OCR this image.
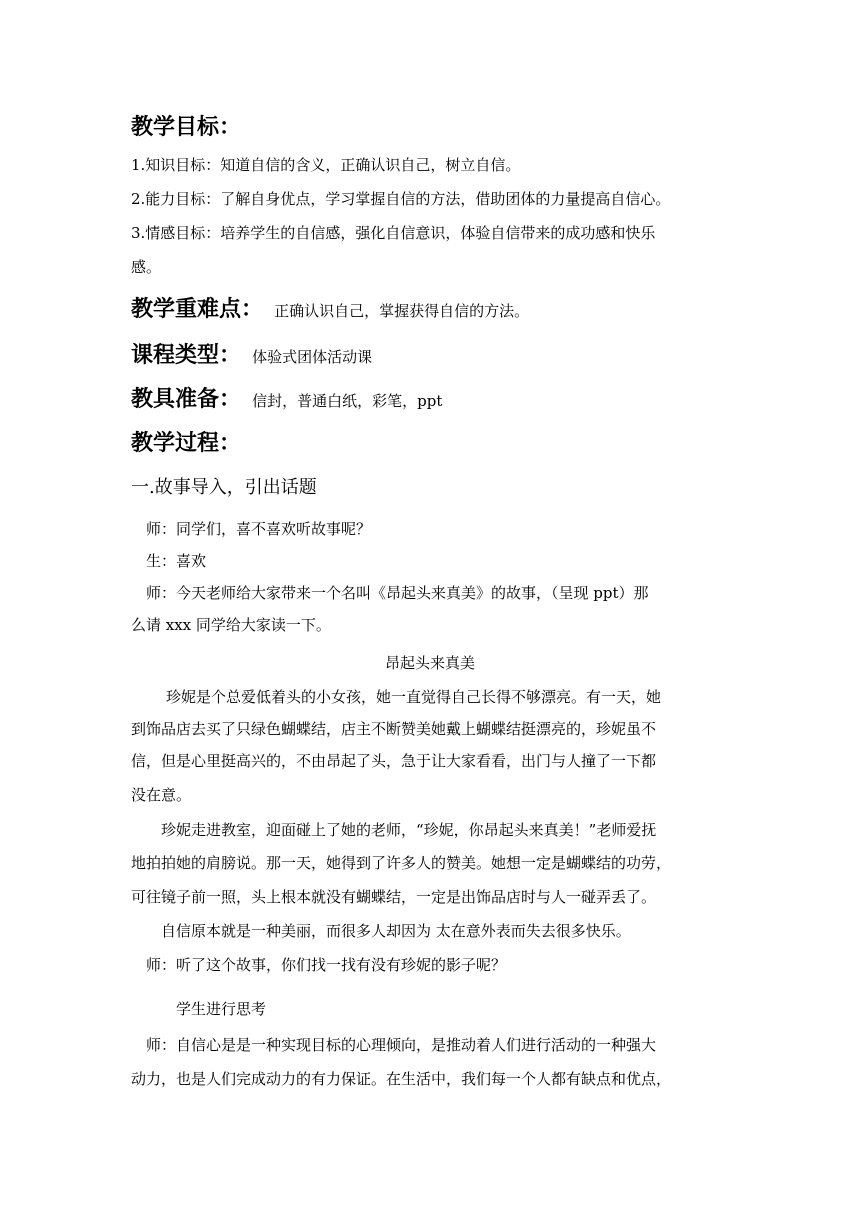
教学目标：
1.知识目标：知道自信的含义，正确认识自己，树立自信。
2.能力目标：了解自身优点，学习掌握自信的方法，借助团体的力量提高自信心。
3.情感目标：培养学生的自信感，强化自信意识，体验自信带来的成功感和快乐
感。
教学重难点： 正确认识自己，掌握获得自信的方法。
课程类型： 体验式团体活动课
教具准备： 信封，普通白纸，彩笔，ppt
教学过程：
一.故事导入，引出话题
师：同学们，喜不喜欢听故事呢？
生：喜欢
师：今天老师给大家带来一个名叫《昂起头来真美》的故事，（呈现 ppt）那
么请 xxx 同学给大家读一下。
昂起头来真美
珍妮是个总爱低着头的小女孩，她一直觉得自己长得不够漂亮。有一天，她
到饰品店去买了只绿色蝴蝶结，店主不断赞美她戴上蝴蝶结挺漂亮的，珍妮虽不
信，但是心里挺高兴的，不由昂起了头，急于让大家看看，出门与人撞了一下都
没在意。
珍妮走进教室，迎面碰上了她的老师，“珍妮，你昂起头来真美！”老师爱抚
地拍拍她的肩膀说。那一天，她得到了许多人的赞美。她想一定是蝴蝶结的功劳，
可往镜子前一照，头上根本就没有蝴蝶结，一定是出饰品店时与人一碰弄丢了。
自信原本就是一种美丽，而很多人却因为 太在意外表而失去很多快乐。
师：听了这个故事，你们找一找有没有珍妮的影子呢？
学生进行思考
师：自信心是是一种实现目标的心理倾向，是推动着人们进行活动的一种强大
动力，也是人们完成动力的有力保证。在生活中，我们每一个人都有缺点和优点，
